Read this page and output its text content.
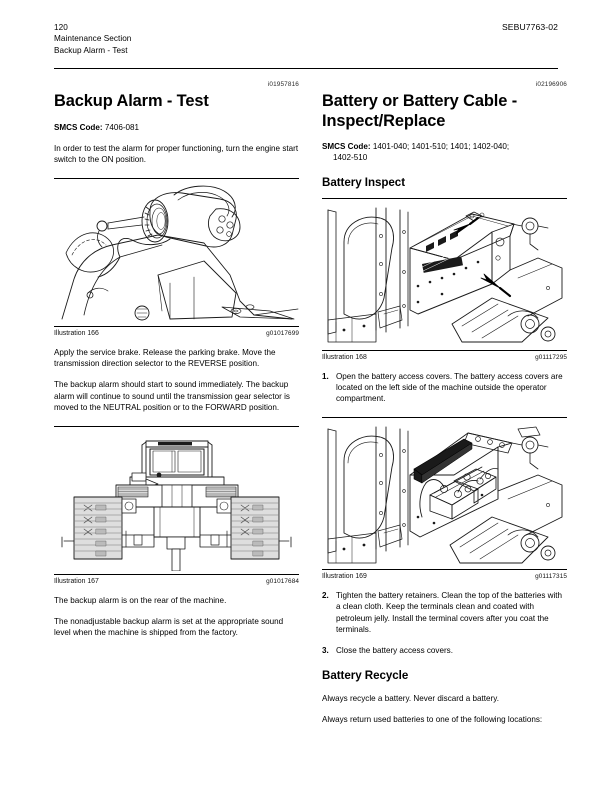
120
Maintenance Section
Backup Alarm - Test
SEBU7763-02
i01957816
Backup Alarm - Test

SMCS Code: 7406-081

In order to test the alarm for proper functioning, turn the engine start switch to the ON position.

Illustration 166	g01017699

Apply the service brake. Release the parking brake. Move the transmission direction selector to the REVERSE position.

The backup alarm should start to sound immediately. The backup alarm will continue to sound until the transmission gear selector is moved to the NEUTRAL position or to the FORWARD position.

Illustration 167	g01017684

The backup alarm is on the rear of the machine.

The nonadjustable backup alarm is set at the appropriate sound level when the machine is shipped from the factory.

i02196906
Battery or Battery Cable -
Inspect/Replace

SMCS Code: 1401-040; 1401-510; 1401; 1402-040;
1402-510

Battery Inspect
Illustration 168	g01117295
1. Open the battery access covers. The battery access covers are located on the left side of the machine outside the operator compartment.
Illustration 169	g01117315
2. Tighten the battery retainers. Clean the top of the batteries with a clean cloth. Keep the terminals clean and coated with petroleum jelly. Install the terminal covers after you coat the terminals.
3. Close the battery access covers.
Battery Recycle

Always recycle a battery. Never discard a battery.

Always return used batteries to one of the following locations:
